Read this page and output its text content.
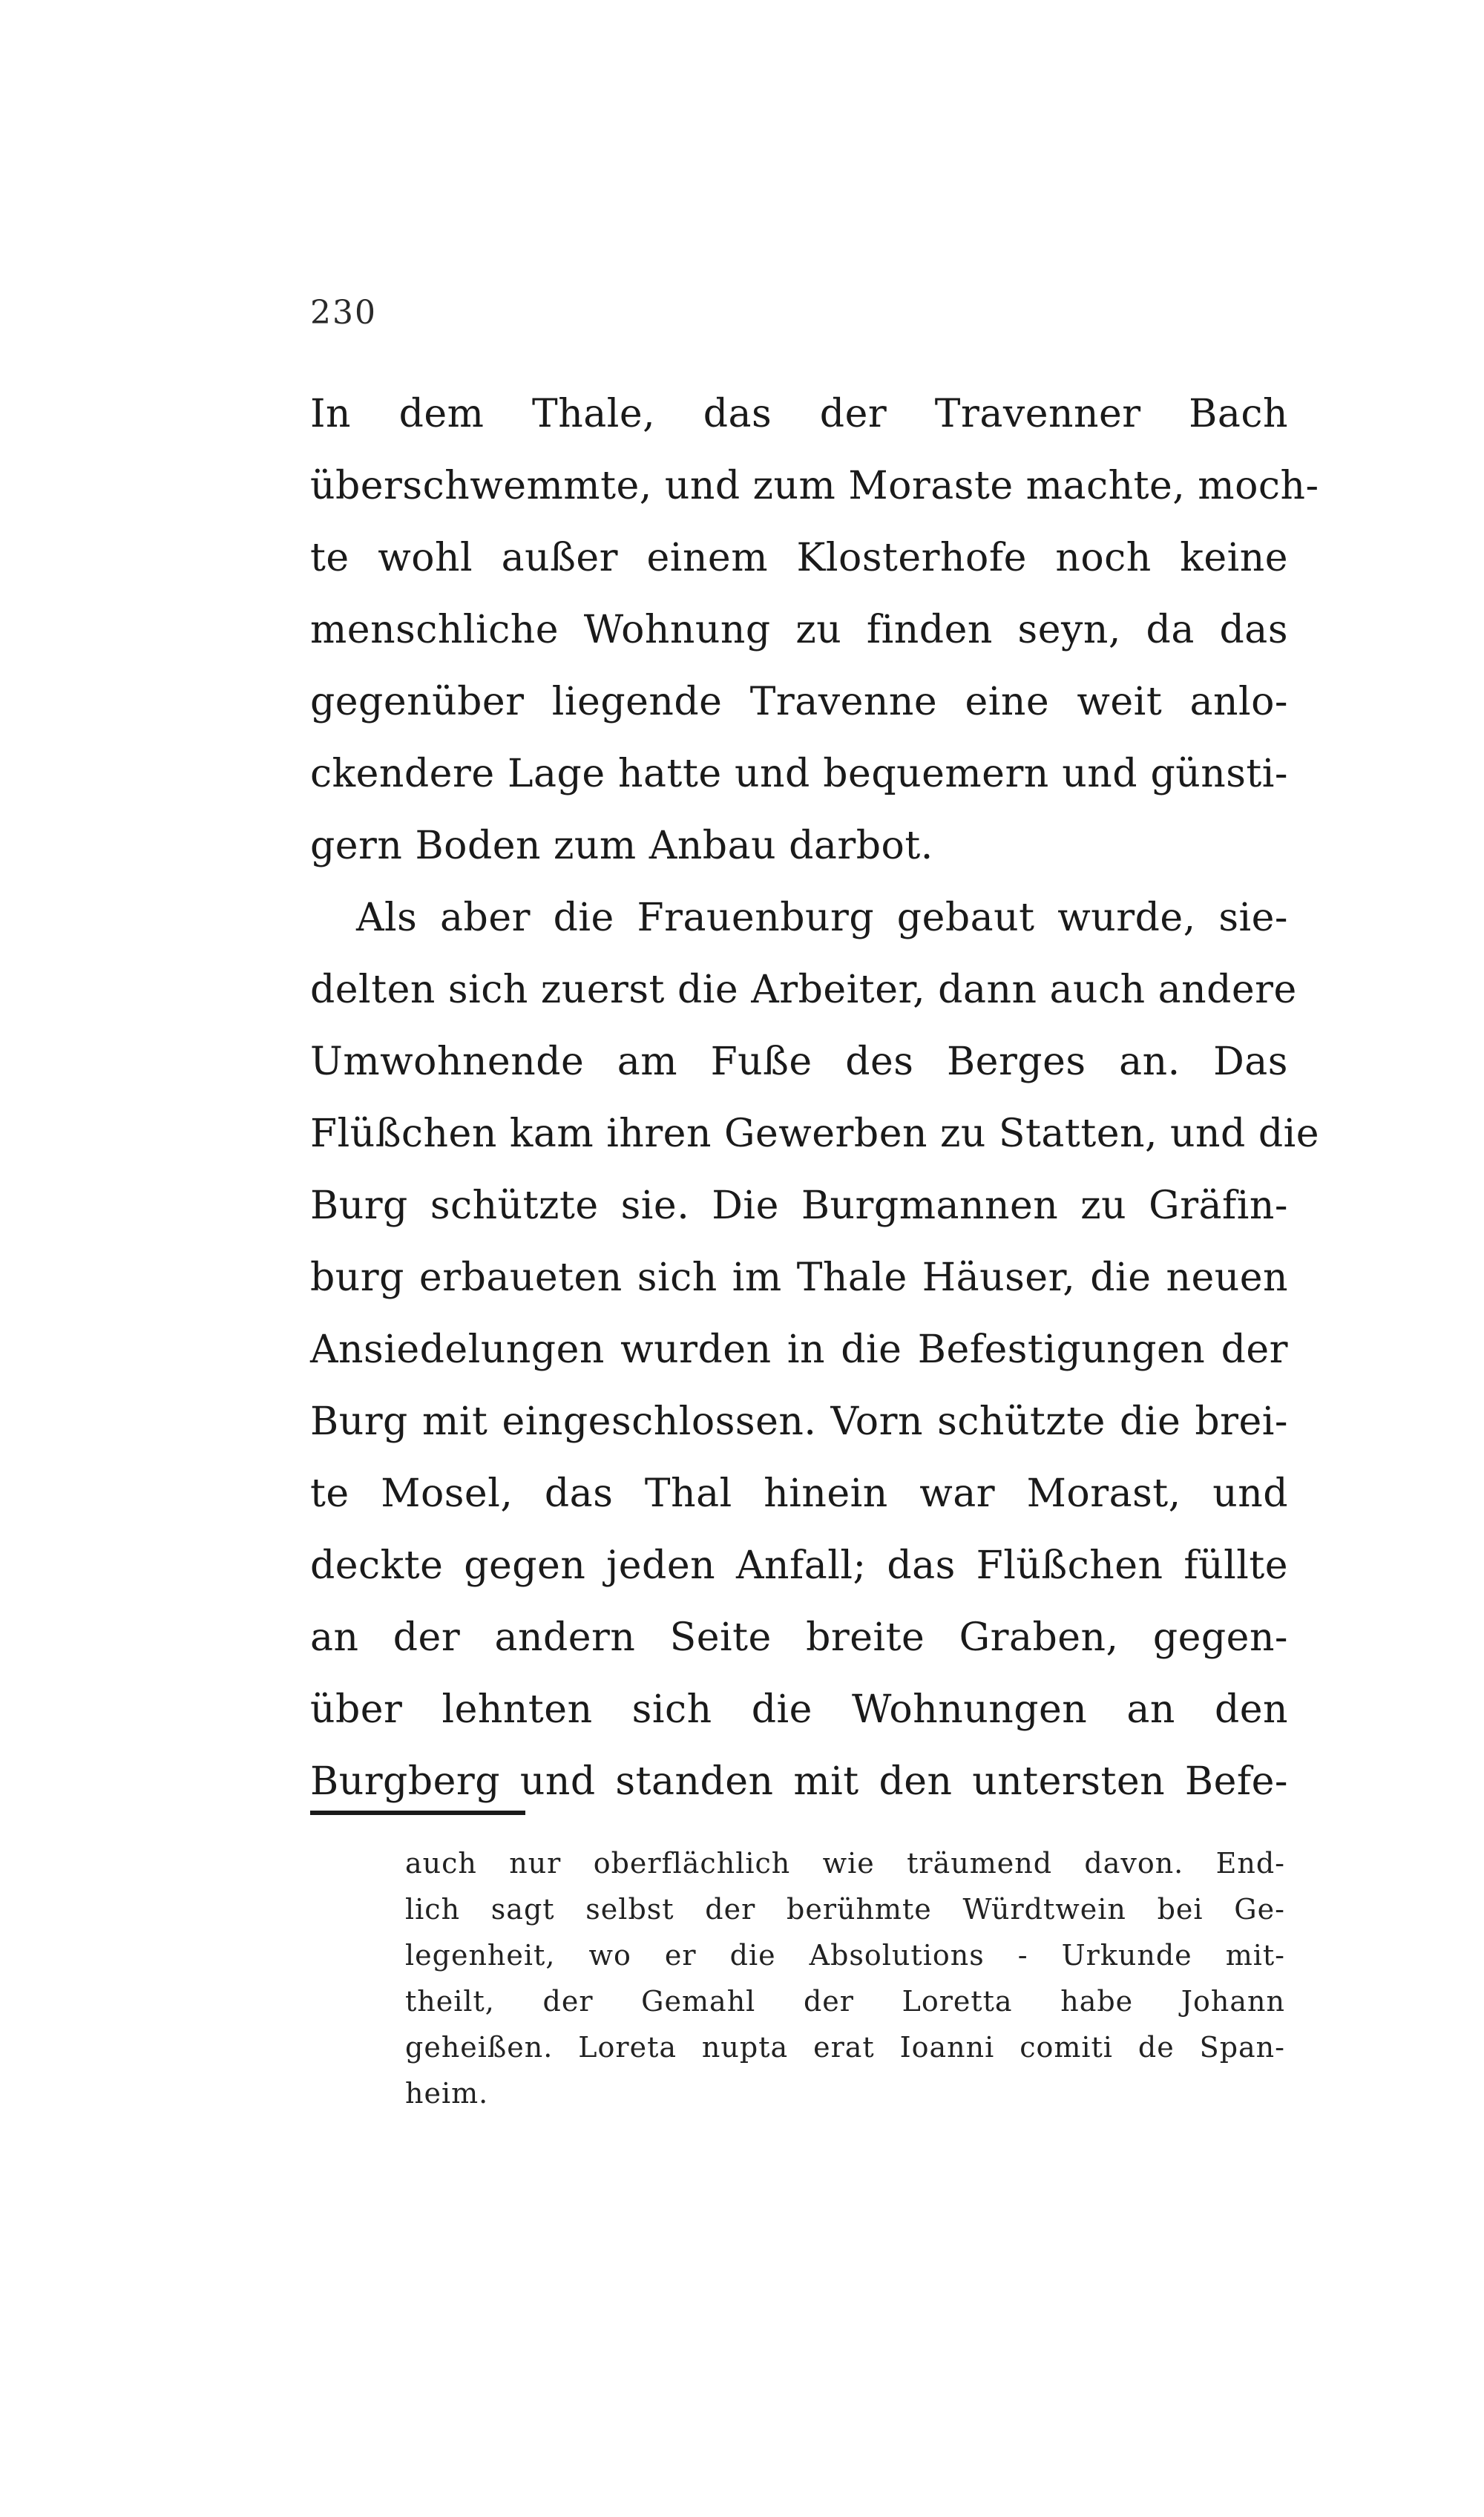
230
In dem Thale, das der Travenner Bach
überschwemmte, und zum Moraste machte, moch-
te wohl außer einem Klosterhofe noch keine
menschliche Wohnung zu finden seyn, da das
gegenüber liegende Travenne eine weit anlo-
ckendere Lage hatte und bequemern und günsti-
gern Boden zum Anbau darbot.
Als aber die Frauenburg gebaut wurde, sie-
delten sich zuerst die Arbeiter, dann auch andere
Umwohnende am Fuße des Berges an. Das
Flüßchen kam ihren Gewerben zu Statten, und die
Burg schützte sie. Die Burgmannen zu Gräfin-
burg erbaueten sich im Thale Häuser, die neuen
Ansiedelungen wurden in die Befestigungen der
Burg mit eingeschlossen. Vorn schützte die brei-
te Mosel, das Thal hinein war Morast, und
deckte gegen jeden Anfall; das Flüßchen füllte
an der andern Seite breite Graben, gegen-
über lehnten sich die Wohnungen an den
Burgberg und standen mit den untersten Befe-
auch nur oberflächlich wie träumend davon. End-
lich sagt selbst der berühmte Würdtwein bei Ge-
legenheit, wo er die Absolutions - Urkunde mit-
theilt, der Gemahl der Loretta habe Johann
geheißen. Loreta nupta erat Ioanni comiti de Span-
heim.
